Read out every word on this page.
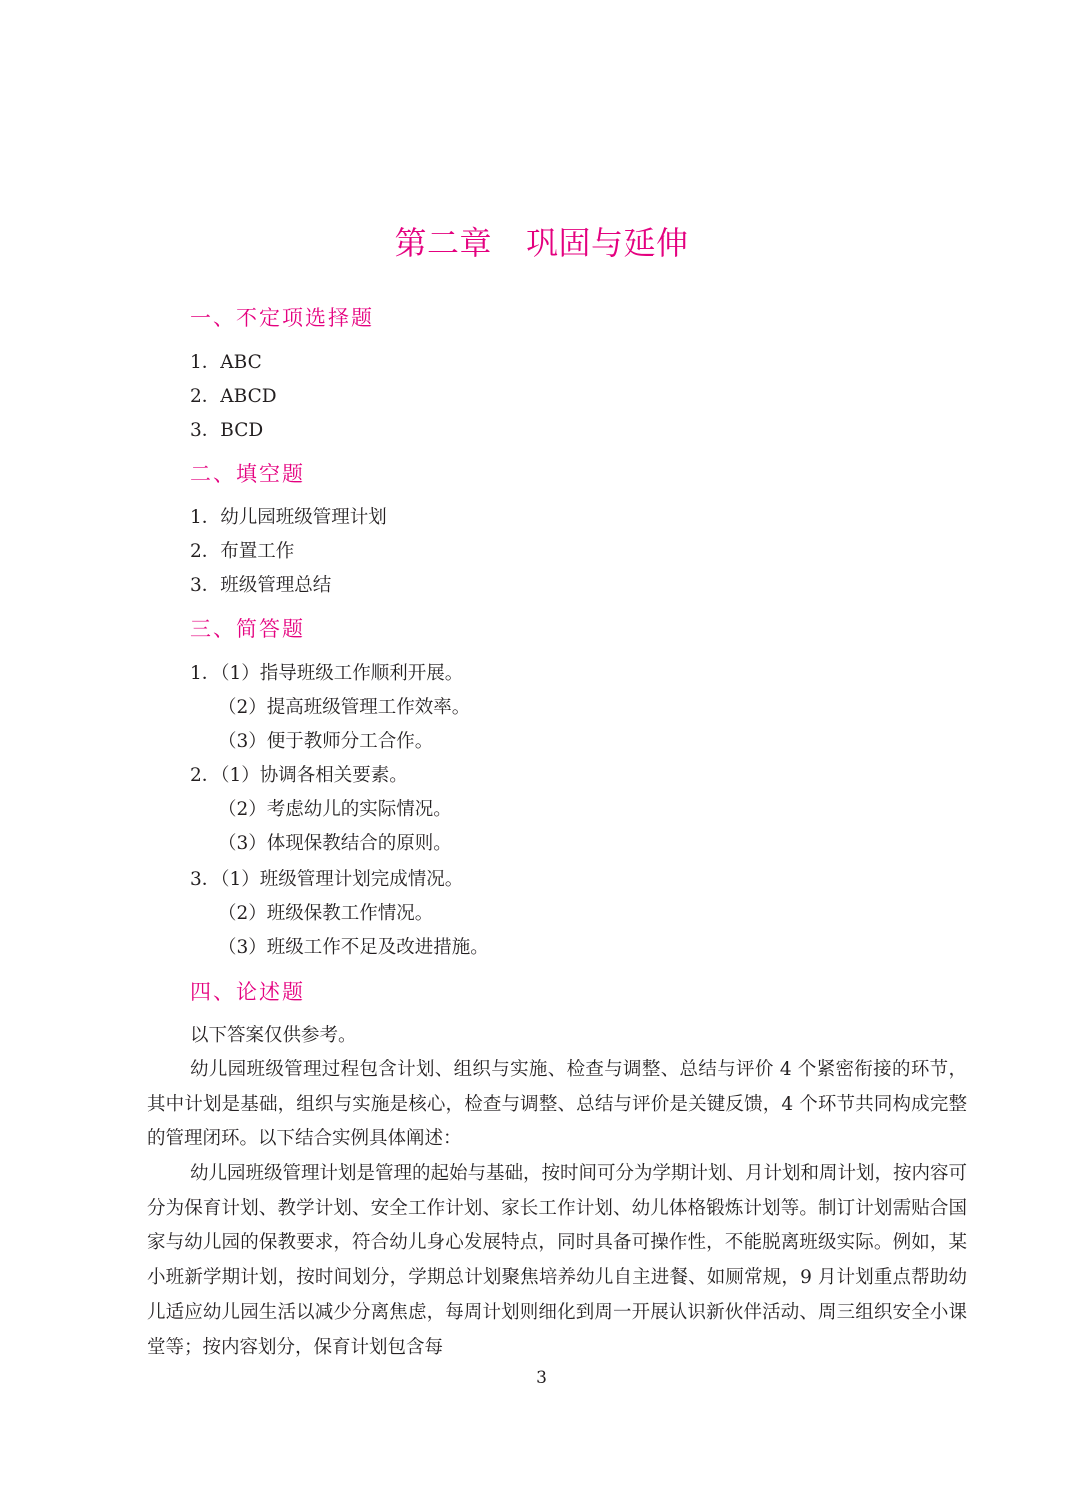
第二章 巩固与延伸
一、不定项选择题
1．ABC
2．ABCD
3．BCD
二、填空题
1．幼儿园班级管理计划
2．布置工作
3．班级管理总结
三、简答题
1．（1）指导班级工作顺利开展。
（2）提高班级管理工作效率。
（3）便于教师分工合作。
2．（1）协调各相关要素。
（2）考虑幼儿的实际情况。
（3）体现保教结合的原则。
3．（1）班级管理计划完成情况。
（2）班级保教工作情况。
（3）班级工作不足及改进措施。
四、论述题
以下答案仅供参考。
幼儿园班级管理过程包含计划、组织与实施、检查与调整、总结与评价 4 个紧密衔接的环节，其中计划是基础，组织与实施是核心，检查与调整、总结与评价是关键反馈，4 个环节共同构成完整的管理闭环。以下结合实例具体阐述：
幼儿园班级管理计划是管理的起始与基础，按时间可分为学期计划、月计划和周计划，按内容可分为保育计划、教学计划、安全工作计划、家长工作计划、幼儿体格锻炼计划等。制订计划需贴合国家与幼儿园的保教要求，符合幼儿身心发展特点，同时具备可操作性，不能脱离班级实际。例如，某小班新学期计划，按时间划分，学期总计划聚焦培养幼儿自主进餐、如厕常规，9 月计划重点帮助幼儿适应幼儿园生活以减少分离焦虑，每周计划则细化到周一开展认识新伙伴活动、周三组织安全小课堂等；按内容划分，保育计划包含每
3
